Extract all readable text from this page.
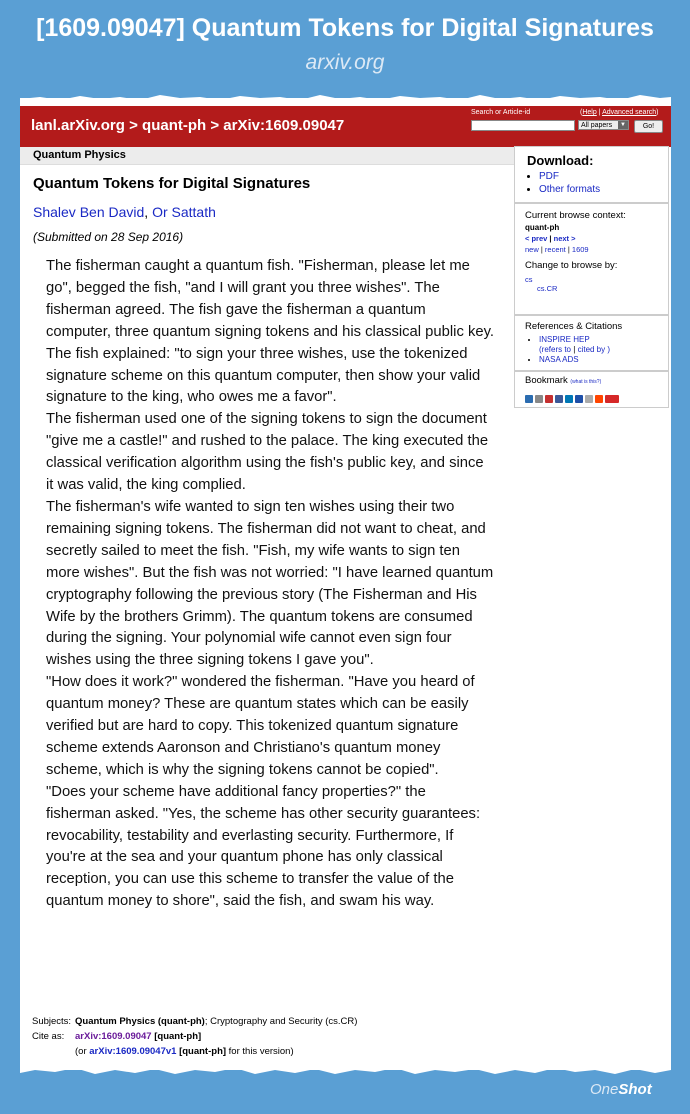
[1609.09047] Quantum Tokens for Digital Signatures
arxiv.org
lanl.arXiv.org > quant-ph > arXiv:1609.09047
Search or Article-id	(Help | Advanced search)
All papers	▼	Go!
Quantum Physics
Quantum Tokens for Digital Signatures
Shalev Ben David, Or Sattath
(Submitted on 28 Sep 2016)

The fisherman caught a quantum fish. "Fisherman, please let me go", begged the fish, "and I will grant you three wishes". The fisherman agreed. The fish gave the fisherman a quantum computer, three quantum signing tokens and his classical public key. The fish explained: "to sign your three wishes, use the tokenized signature scheme on this quantum computer, then show your valid signature to the king, who owes me a favor".

The fisherman used one of the signing tokens to sign the document "give me a castle!" and rushed to the palace. The king executed the classical verification algorithm using the fish's public key, and since it was valid, the king complied.

The fisherman's wife wanted to sign ten wishes using their two remaining signing tokens. The fisherman did not want to cheat, and secretly sailed to meet the fish. "Fish, my wife wants to sign ten more wishes". But the fish was not worried: "I have learned quantum cryptography following the previous story (The Fisherman and His Wife by the brothers Grimm). The quantum tokens are consumed during the signing. Your polynomial wife cannot even sign four wishes using the three signing tokens I gave you".

"How does it work?" wondered the fisherman. "Have you heard of quantum money? These are quantum states which can be easily verified but are hard to copy. This tokenized quantum signature scheme extends Aaronson and Christiano's quantum money scheme, which is why the signing tokens cannot be copied".

"Does your scheme have additional fancy properties?" the fisherman asked. "Yes, the scheme has other security guarantees: revocability, testability and everlasting security. Furthermore, If you're at the sea and your quantum phone has only classical reception, you can use this scheme to transfer the value of the quantum money to shore", said the fish, and swam his way.

Download:
• PDF
• Other formats
Current browse context:
quant-ph
< prev | next >
new | recent | 1609
Change to browse by:
cs
cs.CR
References & Citations
• INSPIRE HEP
(refers to | cited by )
• NASA ADS
Bookmark (what is this?)
Subjects: Quantum Physics (quant-ph); Cryptography and Security (cs.CR)
Cite as: arXiv:1609.09047 [quant-ph]
(or arXiv:1609.09047v1 [quant-ph] for this version)
OneShot
